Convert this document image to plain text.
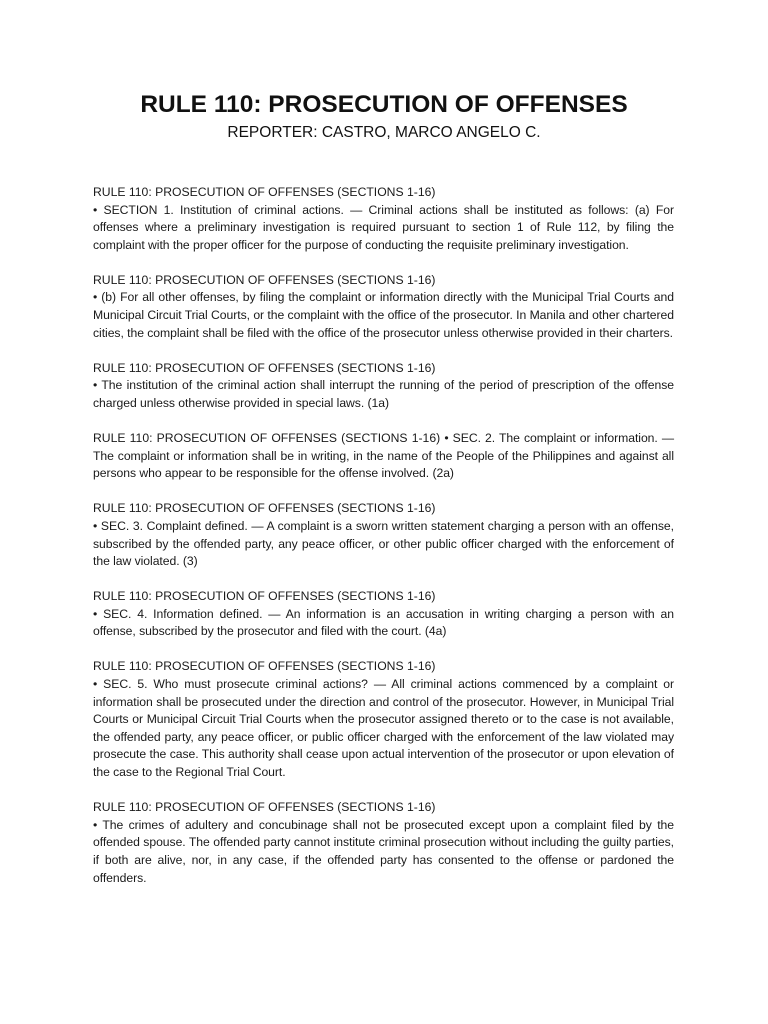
RULE 110: PROSECUTION OF OFFENSES

REPORTER: CASTRO, MARCO ANGELO C.

RULE 110: PROSECUTION OF OFFENSES (SECTIONS 1-16)
• SECTION 1. Institution of criminal actions. — Criminal actions shall be instituted as follows: (a) For offenses where a preliminary investigation is required pursuant to section 1 of Rule 112, by filing the complaint with the proper officer for the purpose of conducting the requisite preliminary investigation.
RULE 110: PROSECUTION OF OFFENSES (SECTIONS 1-16)
• (b) For all other offenses, by filing the complaint or information directly with the Municipal Trial Courts and Municipal Circuit Trial Courts, or the complaint with the office of the prosecutor. In Manila and other chartered cities, the complaint shall be filed with the office of the prosecutor unless otherwise provided in their charters.
RULE 110: PROSECUTION OF OFFENSES (SECTIONS 1-16)
• The institution of the criminal action shall interrupt the running of the period of prescription of the offense charged unless otherwise provided in special laws. (1a)
RULE 110: PROSECUTION OF OFFENSES (SECTIONS 1-16) • SEC. 2. The complaint or information. — The complaint or information shall be in writing, in the name of the People of the Philippines and against all persons who appear to be responsible for the offense involved. (2a)
RULE 110: PROSECUTION OF OFFENSES (SECTIONS 1-16)
• SEC. 3. Complaint defined. — A complaint is a sworn written statement charging a person with an offense, subscribed by the offended party, any peace officer, or other public officer charged with the enforcement of the law violated. (3)
RULE 110: PROSECUTION OF OFFENSES (SECTIONS 1-16)
• SEC. 4. Information defined. — An information is an accusation in writing charging a person with an offense, subscribed by the prosecutor and filed with the court. (4a)
RULE 110: PROSECUTION OF OFFENSES (SECTIONS 1-16)
• SEC. 5. Who must prosecute criminal actions? — All criminal actions commenced by a complaint or information shall be prosecuted under the direction and control of the prosecutor. However, in Municipal Trial Courts or Municipal Circuit Trial Courts when the prosecutor assigned thereto or to the case is not available, the offended party, any peace officer, or public officer charged with the enforcement of the law violated may prosecute the case. This authority shall cease upon actual intervention of the prosecutor or upon elevation of the case to the Regional Trial Court.
RULE 110: PROSECUTION OF OFFENSES (SECTIONS 1-16)
• The crimes of adultery and concubinage shall not be prosecuted except upon a complaint filed by the offended spouse. The offended party cannot institute criminal prosecution without including the guilty parties, if both are alive, nor, in any case, if the offended party has consented to the offense or pardoned the offenders.
